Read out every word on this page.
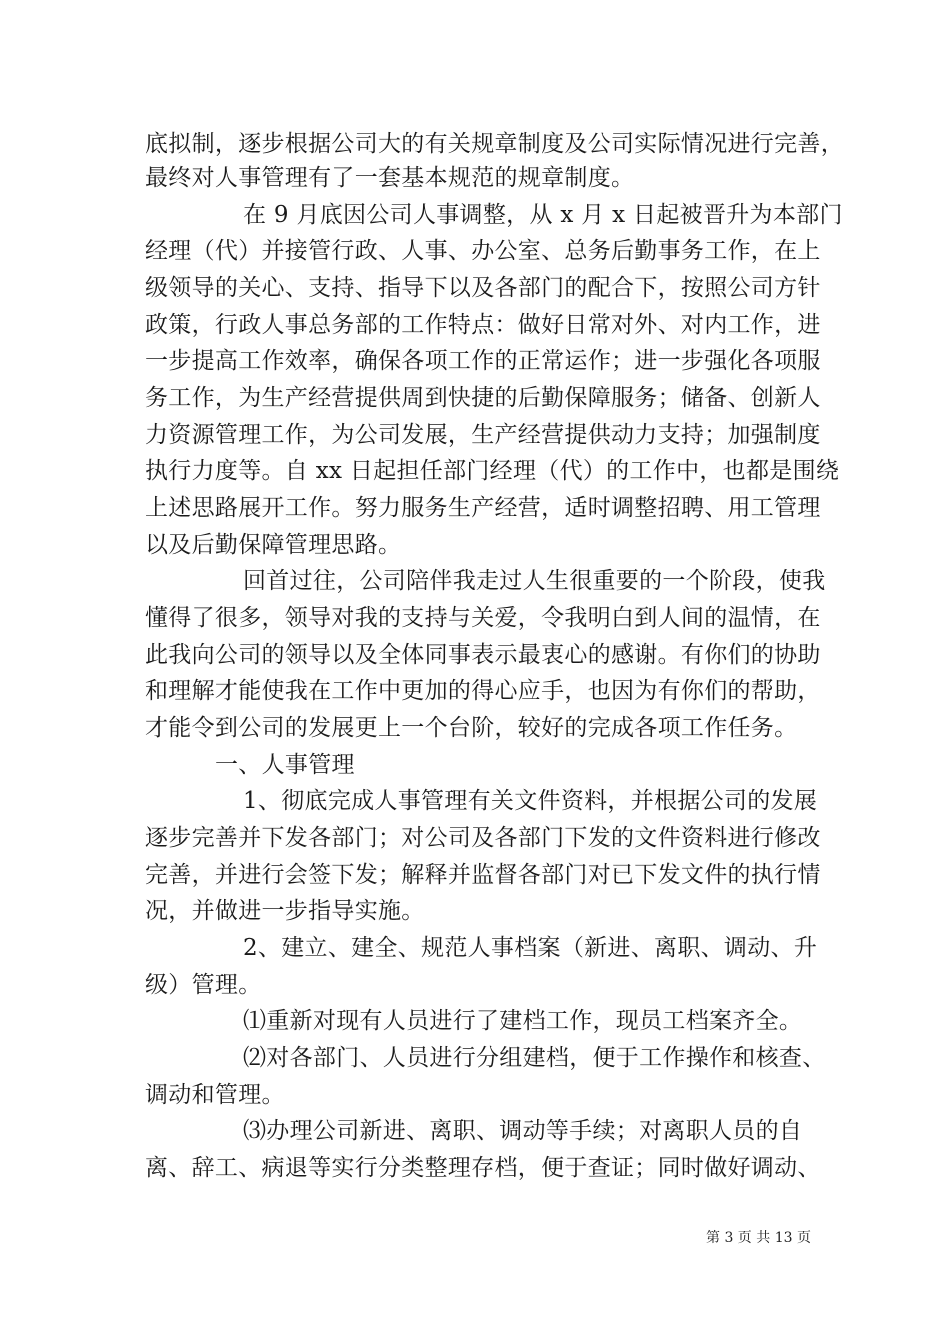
底拟制，逐步根据公司大的有关规章制度及公司实际情况进行完善，
最终对人事管理有了一套基本规范的规章制度。
在 9 月底因公司人事调整，从 x 月 x 日起被晋升为本部门
经理（代）并接管行政、人事、办公室、总务后勤事务工作，在上
级领导的关心、支持、指导下以及各部门的配合下，按照公司方针
政策，行政人事总务部的工作特点：做好日常对外、对内工作，进
一步提高工作效率，确保各项工作的正常运作；进一步强化各项服
务工作，为生产经营提供周到快捷的后勤保障服务；储备、创新人
力资源管理工作，为公司发展，生产经营提供动力支持；加强制度
执行力度等。自 xx 日起担任部门经理（代）的工作中，也都是围绕
上述思路展开工作。努力服务生产经营，适时调整招聘、用工管理
以及后勤保障管理思路。
回首过往，公司陪伴我走过人生很重要的一个阶段，使我
懂得了很多，领导对我的支持与关爱，令我明白到人间的温情，在
此我向公司的领导以及全体同事表示最衷心的感谢。有你们的协助
和理解才能使我在工作中更加的得心应手，也因为有你们的帮助，
才能令到公司的发展更上一个台阶，较好的完成各项工作任务。
一、人事管理
1、彻底完成人事管理有关文件资料，并根据公司的发展
逐步完善并下发各部门；对公司及各部门下发的文件资料进行修改
完善，并进行会签下发；解释并监督各部门对已下发文件的执行情
况，并做进一步指导实施。
2、建立、建全、规范人事档案（新进、离职、调动、升
级）管理。
⑴重新对现有人员进行了建档工作，现员工档案齐全。
⑵对各部门、人员进行分组建档，便于工作操作和核查、
调动和管理。
⑶办理公司新进、离职、调动等手续；对离职人员的自
离、辞工、病退等实行分类整理存档，便于查证；同时做好调动、
第 3 页 共 13 页
